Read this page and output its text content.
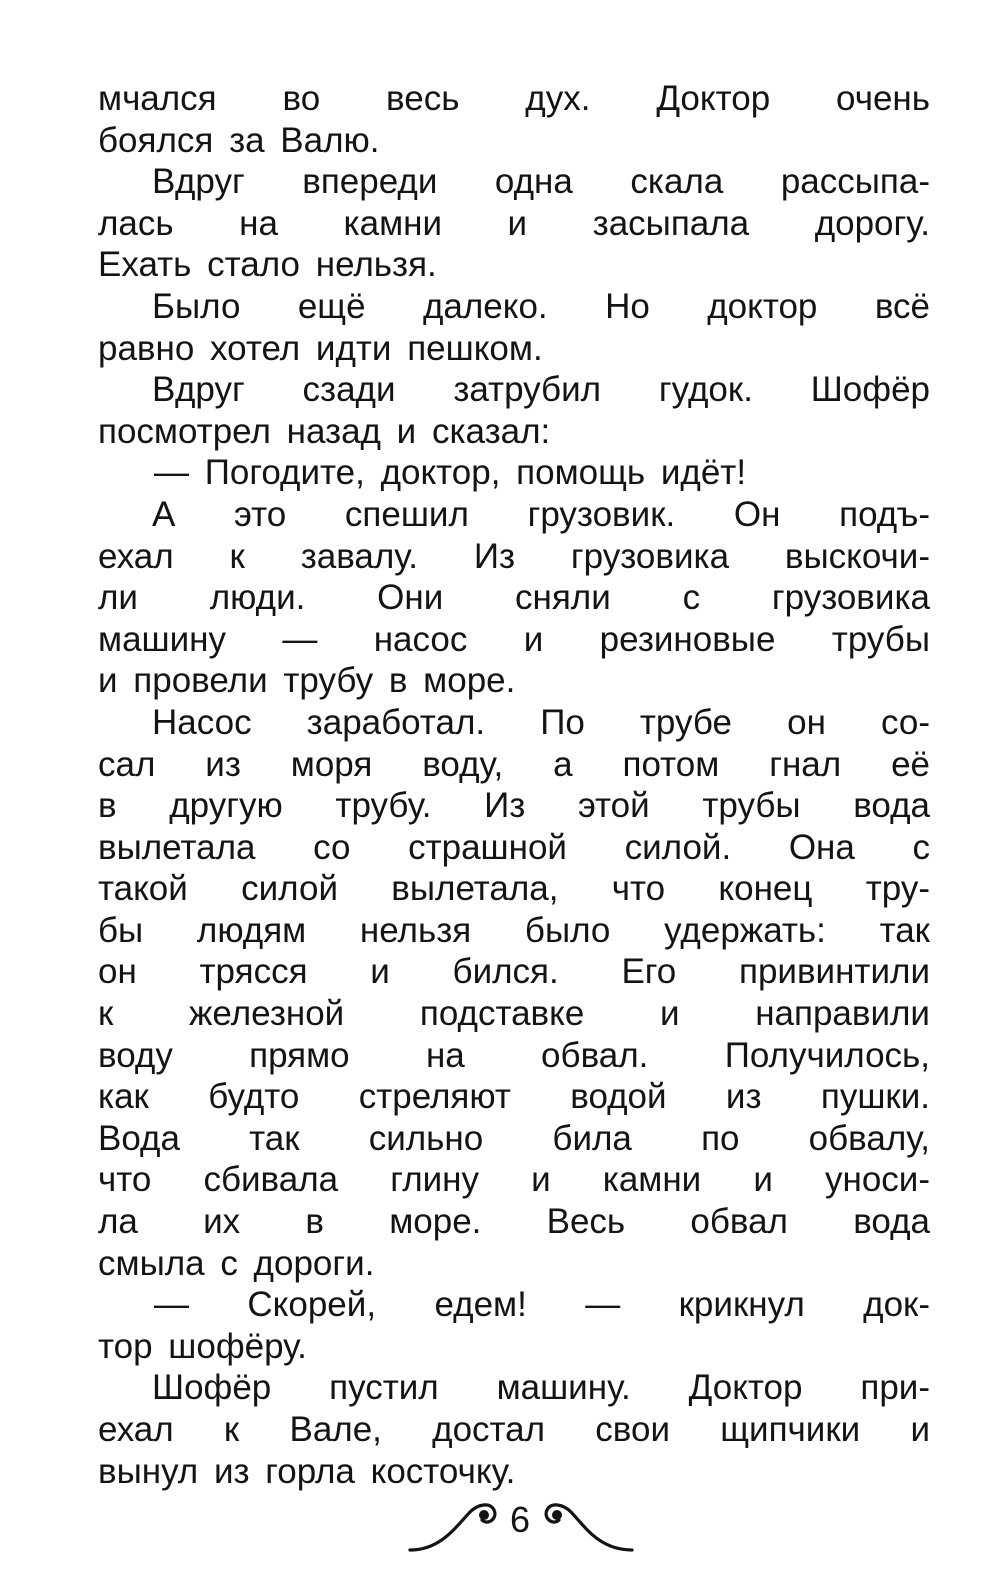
мчался во весь дух. Доктор очень
боялся за Валю.

Вдруг впереди одна скала рассыпа-
лась на камни и засыпала дорогу.
Ехать стало нельзя.

Было ещё далеко. Но доктор всё
равно хотел идти пешком.

Вдруг сзади затрубил гудок. Шофёр
посмотрел назад и сказал:

— Погодите, доктор, помощь идёт!

А это спешил грузовик. Он подъ-
ехал к завалу. Из грузовика выскочи-
ли люди. Они сняли с грузовика
машину — насос и резиновые трубы
и провели трубу в море.

Насос заработал. По трубе он со-
сал из моря воду, а потом гнал её
в другую трубу. Из этой трубы вода
вылетала со страшной силой. Она с
такой силой вылетала, что конец тру-
бы людям нельзя было удержать: так
он трясся и бился. Его привинтили
к железной подставке и направили
воду прямо на обвал. Получилось,
как будто стреляют водой из пушки.
Вода так сильно била по обвалу,
что сбивала глину и камни и уноси-
ла их в море. Весь обвал вода
смыла с дороги.

— Скорей, едем! — крикнул док-
тор шофёру.

Шофёр пустил машину. Доктор при-
ехал к Вале, достал свои щипчики и
вынул из горла косточку.

6
